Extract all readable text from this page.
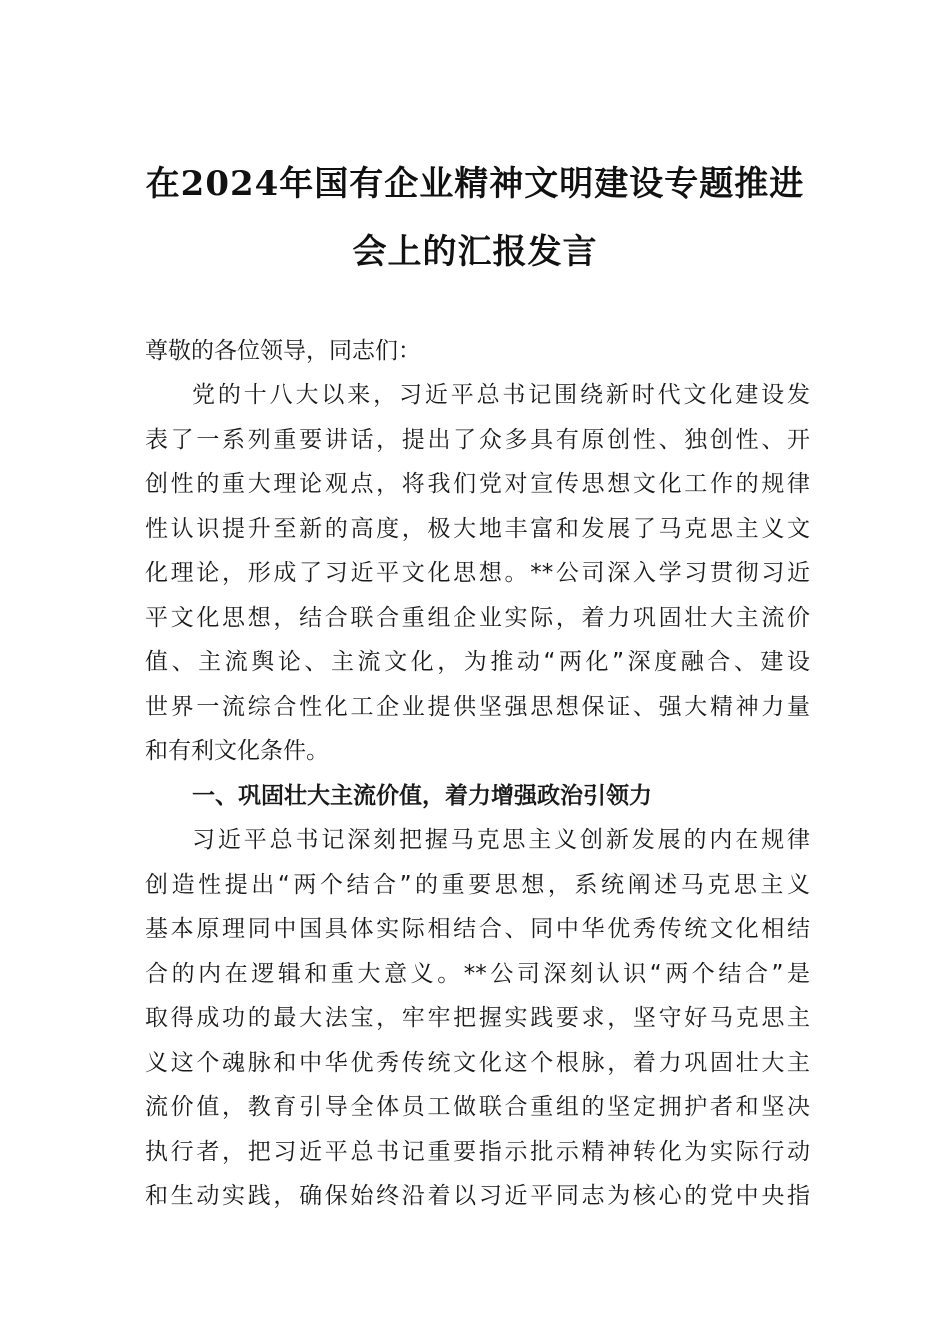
在2024年国有企业精神文明建设专题推进
会上的汇报发言
尊敬的各位领导，同志们：
党的十八大以来，习近平总书记围绕新时代文化建设发
表了一系列重要讲话，提出了众多具有原创性、独创性、开
创性的重大理论观点，将我们党对宣传思想文化工作的规律
性认识提升至新的高度，极大地丰富和发展了马克思主义文
化理论，形成了习近平文化思想。**公司深入学习贯彻习近
平文化思想，结合联合重组企业实际，着力巩固壮大主流价
值、主流舆论、主流文化，为推动“两化”深度融合、建设
世界一流综合性化工企业提供坚强思想保证、强大精神力量
和有利文化条件。
一、巩固壮大主流价值，着力增强政治引领力
习近平总书记深刻把握马克思主义创新发展的内在规律
创造性提出“两个结合”的重要思想，系统阐述马克思主义
基本原理同中国具体实际相结合、同中华优秀传统文化相结
合的内在逻辑和重大意义。**公司深刻认识“两个结合”是
取得成功的最大法宝，牢牢把握实践要求，坚守好马克思主
义这个魂脉和中华优秀传统文化这个根脉，着力巩固壮大主
流价值，教育引导全体员工做联合重组的坚定拥护者和坚决
执行者，把习近平总书记重要指示批示精神转化为实际行动
和生动实践，确保始终沿着以习近平同志为核心的党中央指
